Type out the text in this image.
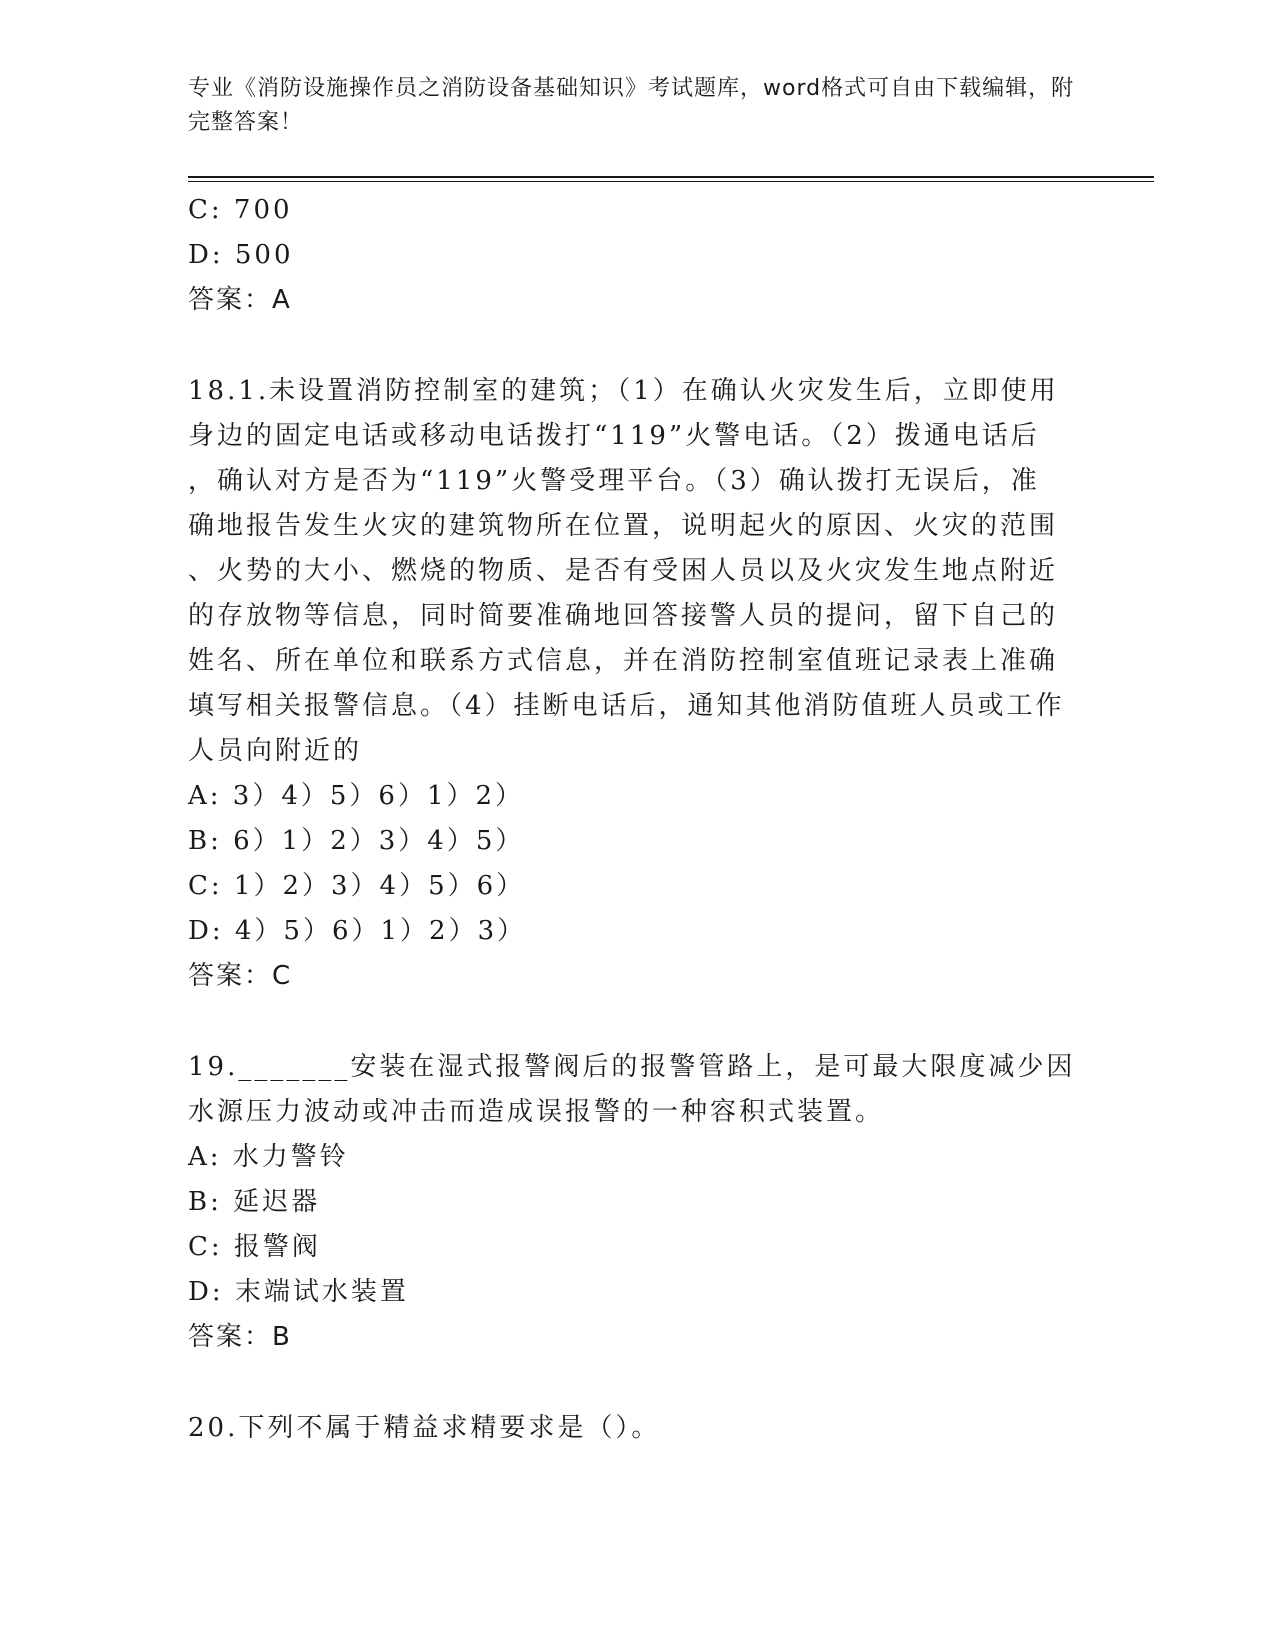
专业《消防设施操作员之消防设备基础知识》考试题库，word格式可自由下载编辑，附完整答案！
C: 700
D: 500
答案：A
18.1.未设置消防控制室的建筑；（1）在确认火灾发生后，立即使用
身边的固定电话或移动电话拨打“119”火警电话。（2）拨通电话后
，确认对方是否为“119”火警受理平台。（3）确认拨打无误后，准
确地报告发生火灾的建筑物所在位置，说明起火的原因、火灾的范围
、火势的大小、燃烧的物质、是否有受困人员以及火灾发生地点附近
的存放物等信息，同时简要准确地回答接警人员的提问，留下自己的
姓名、所在单位和联系方式信息，并在消防控制室值班记录表上准确
填写相关报警信息。（4）挂断电话后，通知其他消防值班人员或工作
人员向附近的
A: 3）4）5）6）1）2）
B: 6）1）2）3）4）5）
C: 1）2）3）4）5）6）
D: 4）5）6）1）2）3）
答案：C
19._______安装在湿式报警阀后的报警管路上，是可最大限度减少因
水源压力波动或冲击而造成误报警的一种容积式装置。
A: 水力警铃
B: 延迟器
C: 报警阀
D: 末端试水装置
答案：B
20.下列不属于精益求精要求是（）。
